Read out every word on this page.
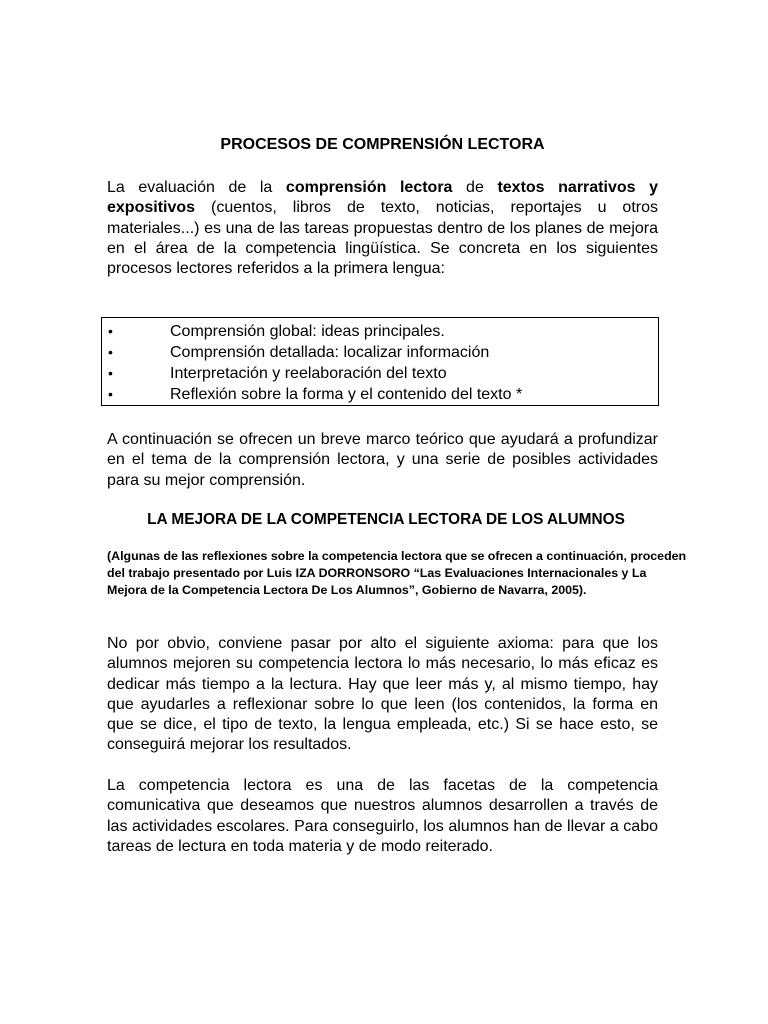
PROCESOS DE COMPRENSIÓN LECTORA

La evaluación de la comprensión lectora de textos narrativos y expositivos (cuentos, libros de texto, noticias, reportajes u otros materiales...) es una de las tareas propuestas dentro de los planes de mejora en el área de la competencia lingüística. Se concreta en los siguientes procesos lectores referidos a la primera lengua:

•	Comprensión global: ideas principales.
•	Comprensión detallada: localizar información
•	Interpretación y reelaboración del texto
•	Reflexión sobre la forma y el contenido del texto *

A continuación se ofrecen un breve marco teórico que ayudará a profundizar en el tema de la comprensión lectora, y una serie de posibles actividades para su mejor comprensión.

LA MEJORA DE LA COMPETENCIA LECTORA DE LOS ALUMNOS

(Algunas de las reflexiones sobre la competencia lectora que se ofrecen a continuación, proceden del trabajo presentado por Luis IZA DORRONSORO “Las Evaluaciones Internacionales y La Mejora de la Competencia Lectora De Los Alumnos”, Gobierno de Navarra, 2005).

No por obvio, conviene pasar por alto el siguiente axioma: para que los alumnos mejoren su competencia lectora lo más necesario, lo más eficaz es dedicar más tiempo a la lectura. Hay que leer más y, al mismo tiempo, hay que ayudarles a reflexionar sobre lo que leen (los contenidos, la forma en que se dice, el tipo de texto, la lengua empleada, etc.) Si se hace esto, se conseguirá mejorar los resultados.

La competencia lectora es una de las facetas de la competencia comunicativa que deseamos que nuestros alumnos desarrollen a través de las actividades escolares. Para conseguirlo, los alumnos han de llevar a cabo tareas de lectura en toda materia y de modo reiterado.
